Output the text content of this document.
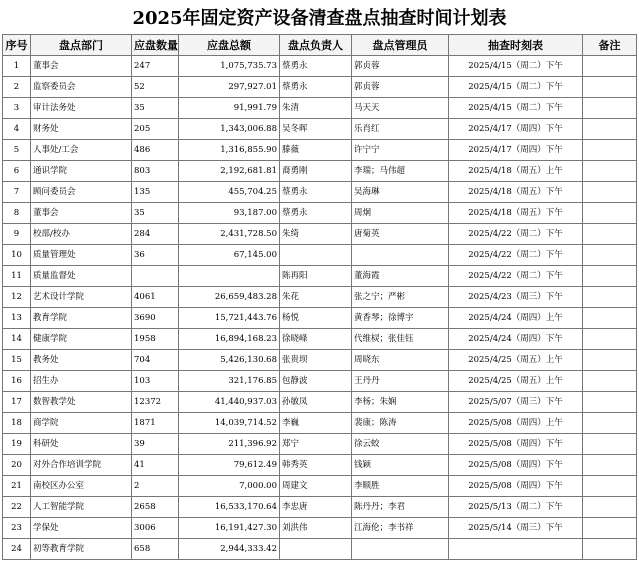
2025年固定资产设备清查盘点抽查时间计划表
序号	盘点部门	应盘数量	应盘总额	盘点负责人	盘点管理员	抽查时刻表	备注
1	董事会	247	1,075,735.73	蔡勇永	郭贞蓉	2025/4/15（周二）下午	
2	监察委员会	52	297,927.01	蔡勇永	郭贞蓉	2025/4/15（周二）下午	
3	审计法务处	35	91,991.79	朱清	马天天	2025/4/15（周二）下午	
4	财务处	205	1,343,006.88	吴冬晖	乐肖红	2025/4/17（周四）下午	
5	人事处/工会	486	1,316,855.90	滕薇	许宁宁	2025/4/17（周四）下午	
6	通识学院	803	2,192,681.81	裔勇刚	李瑞；马伟超	2025/4/18（周五）上午	
7	顾问委员会	135	455,704.25	蔡勇永	吴海琳	2025/4/18（周五）下午	
8	董事会	35	93,187.00	蔡勇永	周炯	2025/4/18（周五）下午	
9	校部/校办	284	2,431,728.50	朱绮	唐菊英	2025/4/22（周二）下午	
10	质量管理处	36	67,145.00			2025/4/22（周二）下午	
11	质量监督处			陈再阳	董海霞	2025/4/22（周二）下午	
12	艺术设计学院	4061	26,659,483.28	朱花	张之宁；严彬	2025/4/23（周三）下午	
13	教育学院	3690	15,721,443.76	杨悦	黄香琴；徐博宇	2025/4/24（周四）上午	
14	健康学院	1958	16,894,168.23	徐晓峰	代维棂；张佳钰	2025/4/24（周四）下午	
15	教务处	704	5,426,130.68	张贵坝	周晓东	2025/4/25（周五）上午	
16	招生办	103	321,176.85	包静波	王丹丹	2025/4/25（周五）上午	
17	数智教学处	12372	41,440,937.03	孙敏凤	李杨；朱娴	2025/5/07（周三）下午	
18	商学院	1871	14,039,714.52	李巍	裴康；陈涛	2025/5/08（周四）上午	
19	科研处	39	211,396.92	郑宁	徐云蛟	2025/5/08（周四）下午	
20	对外合作培训学院	41	79,612.49	韩秀英	钱颖	2025/5/08（周四）下午	
21	南校区办公室	2	7,000.00	周建文	李顺胜	2025/5/08（周四）下午	
22	人工智能学院	2658	16,533,170.64	李忠唐	陈丹丹；李君	2025/5/13（周二）下午	
23	学保处	3006	16,191,427.30	刘洪伟	江海伦；李书祥	2025/5/14（周三）下午	
24	初等教育学院	658	2,944,333.42				
